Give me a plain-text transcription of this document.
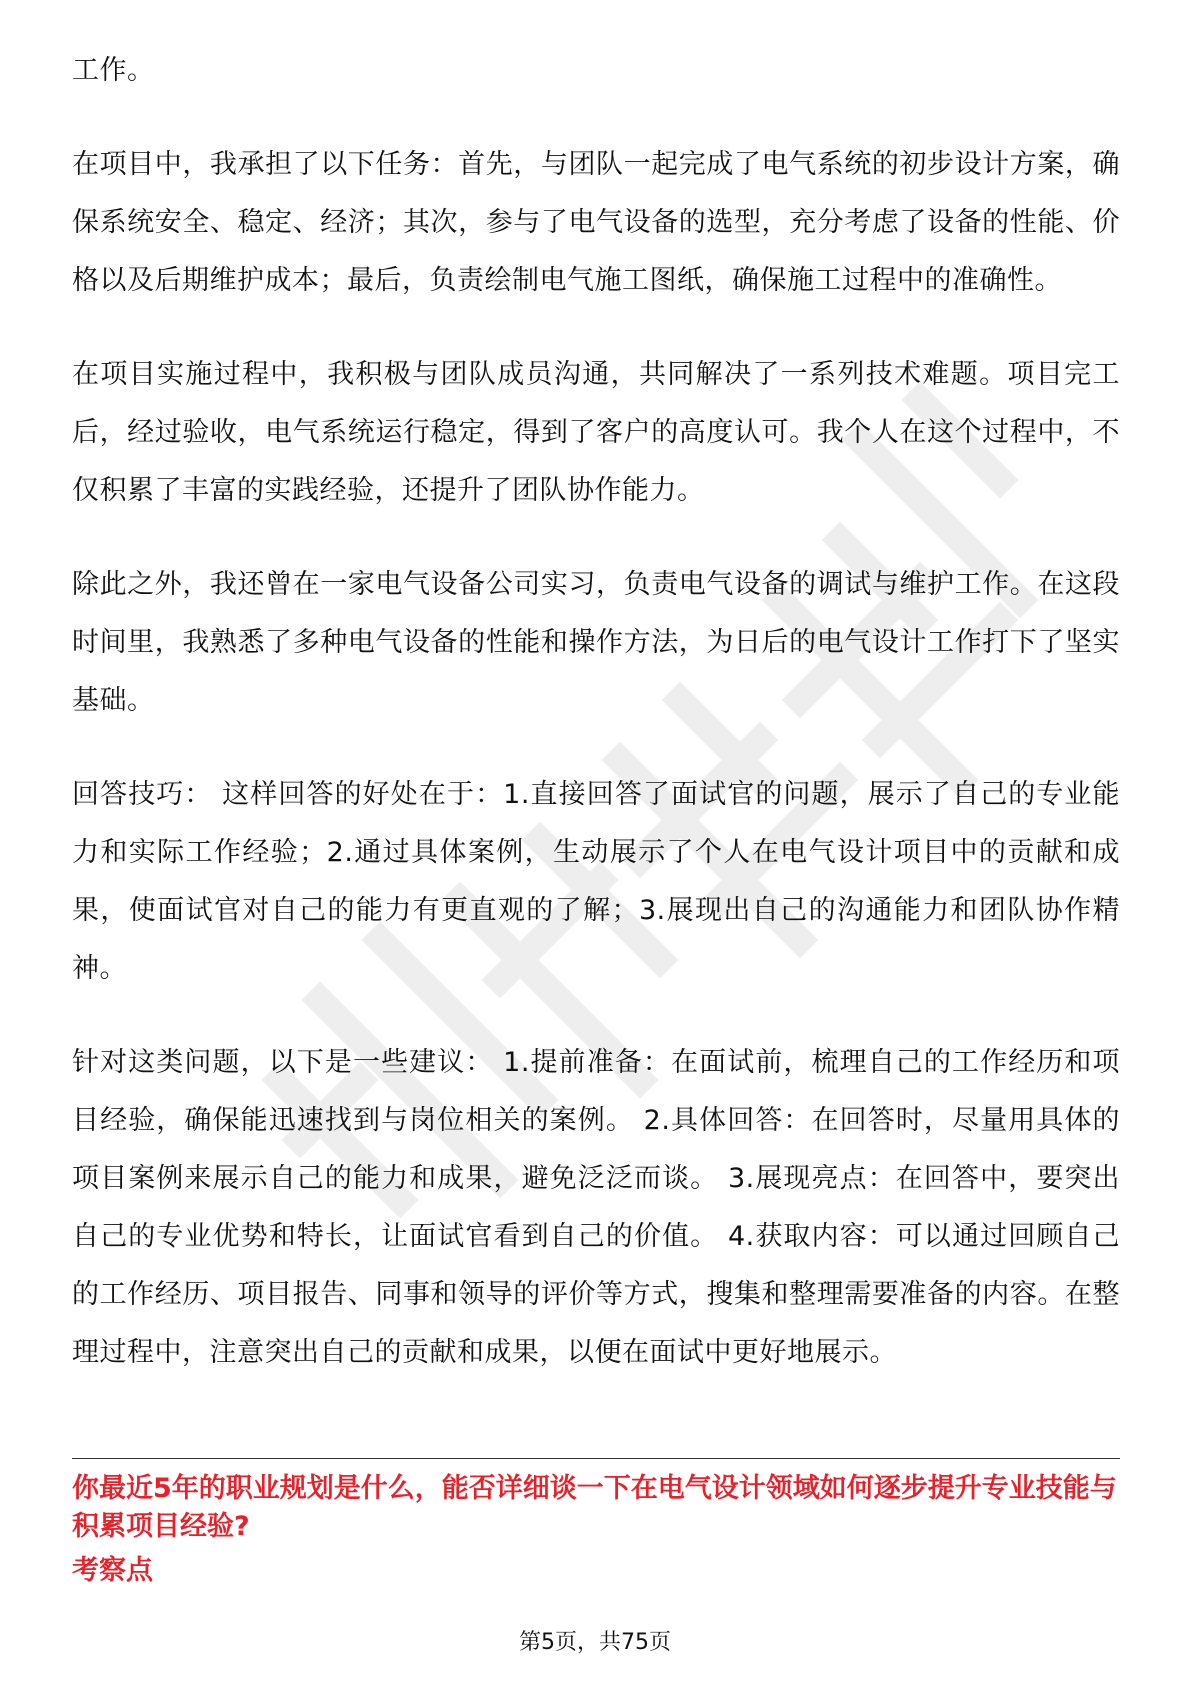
工作。

在项目中，我承担了以下任务：首先，与团队一起完成了电气系统的初步设计方案，确保系统安全、稳定、经济；其次，参与了电气设备的选型，充分考虑了设备的性能、价格以及后期维护成本；最后，负责绘制电气施工图纸，确保施工过程中的准确性。

在项目实施过程中，我积极与团队成员沟通，共同解决了一系列技术难题。项目完工后，经过验收，电气系统运行稳定，得到了客户的高度认可。我个人在这个过程中，不仅积累了丰富的实践经验，还提升了团队协作能力。

除此之外，我还曾在一家电气设备公司实习，负责电气设备的调试与维护工作。在这段时间里，我熟悉了多种电气设备的性能和操作方法，为日后的电气设计工作打下了坚实基础。

回答技巧： 这样回答的好处在于：1.直接回答了面试官的问题，展示了自己的专业能力和实际工作经验；2.通过具体案例，生动展示了个人在电气设计项目中的贡献和成果，使面试官对自己的能力有更直观的了解；3.展现出自己的沟通能力和团队协作精神。

针对这类问题，以下是一些建议： 1.提前准备：在面试前，梳理自己的工作经历和项目经验，确保能迅速找到与岗位相关的案例。 2.具体回答：在回答时，尽量用具体的项目案例来展示自己的能力和成果，避免泛泛而谈。 3.展现亮点：在回答中，要突出自己的专业优势和特长，让面试官看到自己的价值。 4.获取内容：可以通过回顾自己的工作经历、项目报告、同事和领导的评价等方式，搜集和整理需要准备的内容。在整理过程中，注意突出自己的贡献和成果，以便在面试中更好地展示。

你最近5年的职业规划是什么，能否详细谈一下在电气设计领域如何逐步提升专业技能与积累项目经验?
考察点
第5页，共75页
